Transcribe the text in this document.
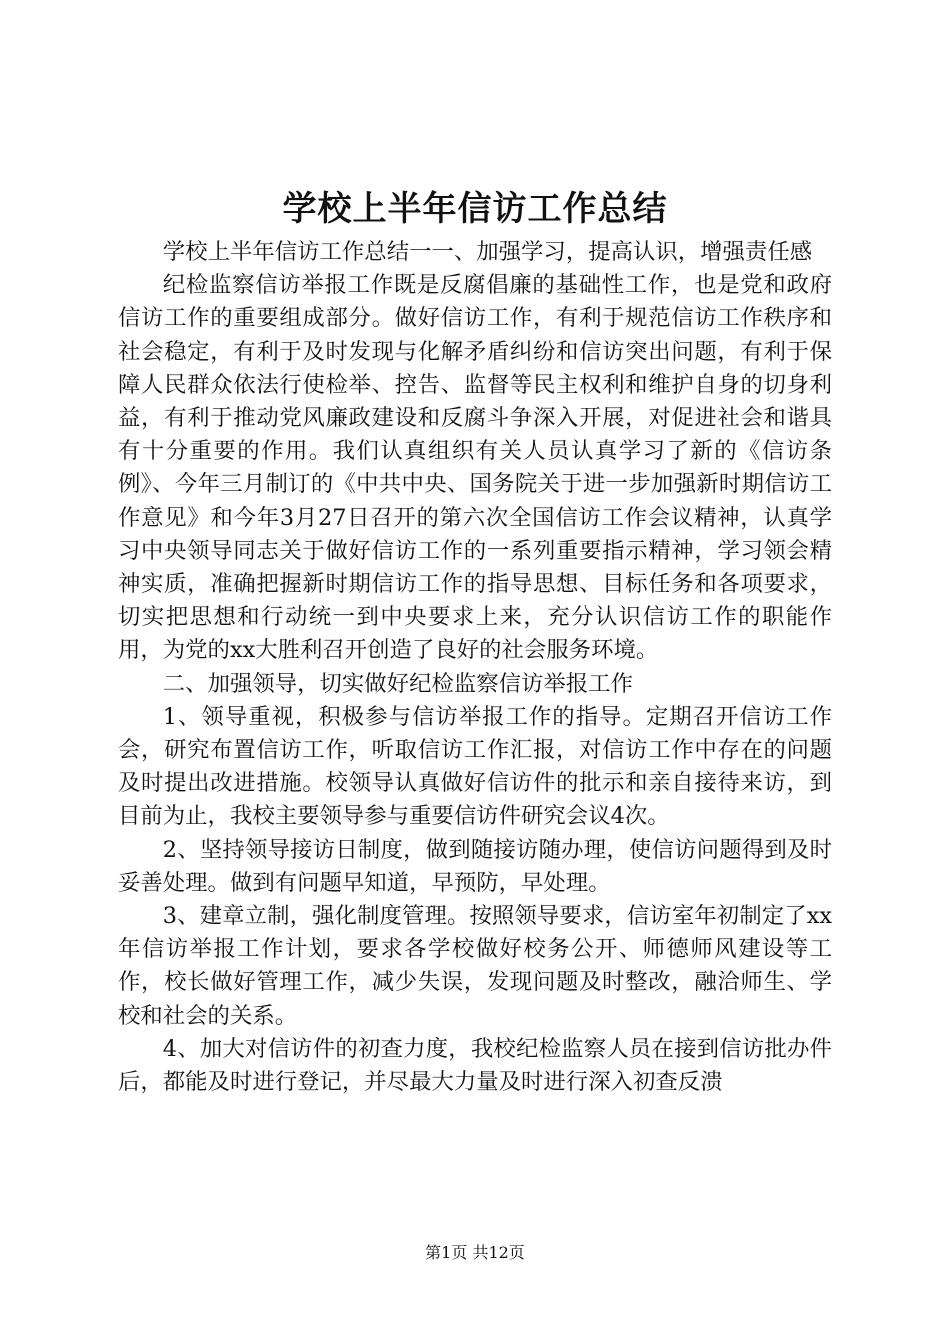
学校上半年信访工作总结

学校上半年信访工作总结一一、加强学习，提高认识，增强责任感

纪检监察信访举报工作既是反腐倡廉的基础性工作，也是党和政府信访工作的重要组成部分。做好信访工作，有利于规范信访工作秩序和社会稳定，有利于及时发现与化解矛盾纠纷和信访突出问题，有利于保障人民群众依法行使检举、控告、监督等民主权利和维护自身的切身利益，有利于推动党风廉政建设和反腐斗争深入开展，对促进社会和谐具有十分重要的作用。我们认真组织有关人员认真学习了新的《信访条例》、今年三月制订的《中共中央、国务院关于进一步加强新时期信访工作意见》和今年3月27日召开的第六次全国信访工作会议精神，认真学习中央领导同志关于做好信访工作的一系列重要指示精神，学习领会精神实质，准确把握新时期信访工作的指导思想、目标任务和各项要求，切实把思想和行动统一到中央要求上来，充分认识信访工作的职能作用，为党的xx大胜利召开创造了良好的社会服务环境。

二、加强领导，切实做好纪检监察信访举报工作

1、领导重视，积极参与信访举报工作的指导。定期召开信访工作会，研究布置信访工作，听取信访工作汇报，对信访工作中存在的问题及时提出改进措施。校领导认真做好信访件的批示和亲自接待来访，到目前为止，我校主要领导参与重要信访件研究会议4次。

2、坚持领导接访日制度，做到随接访随办理，使信访问题得到及时妥善处理。做到有问题早知道，早预防，早处理。

3、建章立制，强化制度管理。按照领导要求，信访室年初制定了xx年信访举报工作计划，要求各学校做好校务公开、师德师风建设等工作，校长做好管理工作，减少失误，发现问题及时整改，融洽师生、学校和社会的关系。

4、加大对信访件的初查力度，我校纪检监察人员在接到信访批办件后，都能及时进行登记，并尽最大力量及时进行深入初查反溃

第1页 共12页
